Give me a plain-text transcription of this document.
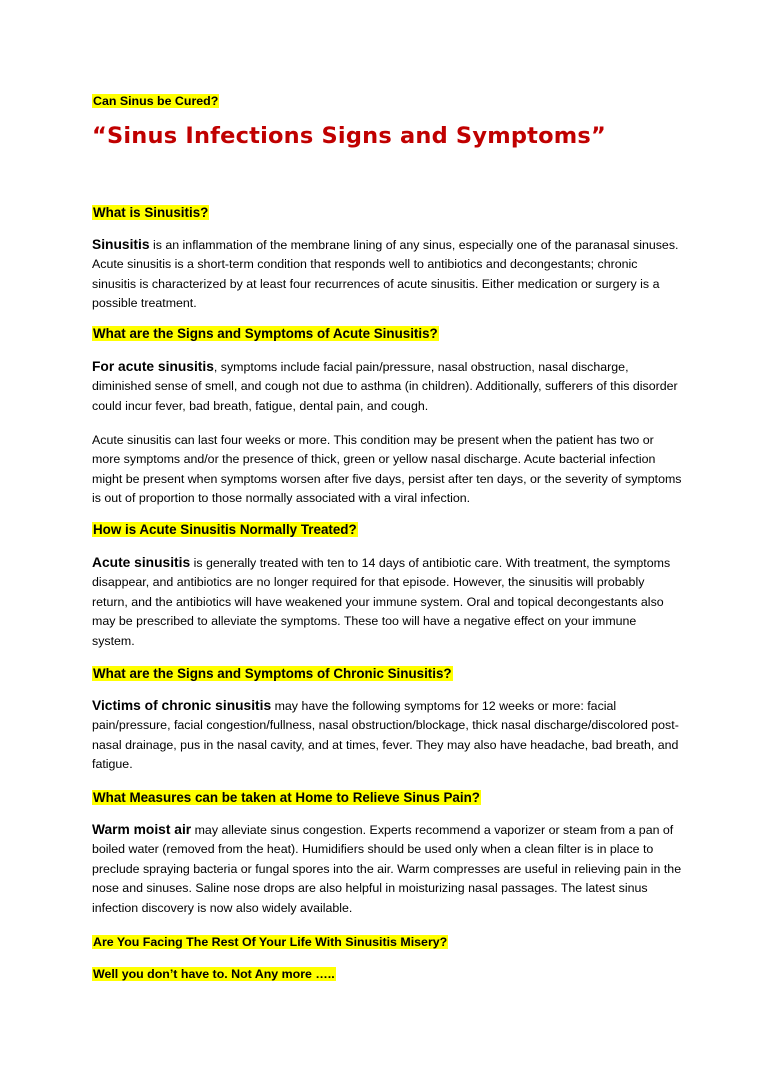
Can Sinus be Cured?
“Sinus Infections Signs and Symptoms”
What is Sinusitis?

Sinusitis is an inflammation of the membrane lining of any sinus, especially one of the paranasal sinuses. Acute sinusitis is a short-term condition that responds well to antibiotics and decongestants; chronic sinusitis is characterized by at least four recurrences of acute sinusitis. Either medication or surgery is a possible treatment.

What are the Signs and Symptoms of Acute Sinusitis?

For acute sinusitis, symptoms include facial pain/pressure, nasal obstruction, nasal discharge, diminished sense of smell, and cough not due to asthma (in children). Additionally, sufferers of this disorder could incur fever, bad breath, fatigue, dental pain, and cough.

Acute sinusitis can last four weeks or more. This condition may be present when the patient has two or more symptoms and/or the presence of thick, green or yellow nasal discharge. Acute bacterial infection might be present when symptoms worsen after five days, persist after ten days, or the severity of symptoms is out of proportion to those normally associated with a viral infection.

How is Acute Sinusitis Normally Treated?

Acute sinusitis is generally treated with ten to 14 days of antibiotic care. With treatment, the symptoms disappear, and antibiotics are no longer required for that episode. However, the sinusitis will probably return, and the antibiotics will have weakened your immune system. Oral and topical decongestants also may be prescribed to alleviate the symptoms. These too will have a negative effect on your immune system.

What are the Signs and Symptoms of Chronic Sinusitis?

Victims of chronic sinusitis may have the following symptoms for 12 weeks or more: facial pain/pressure, facial congestion/fullness, nasal obstruction/blockage, thick nasal discharge/discolored post-nasal drainage, pus in the nasal cavity, and at times, fever. They may also have headache, bad breath, and fatigue.

What Measures can be taken at Home to Relieve Sinus Pain?

Warm moist air may alleviate sinus congestion. Experts recommend a vaporizer or steam from a pan of boiled water (removed from the heat). Humidifiers should be used only when a clean filter is in place to preclude spraying bacteria or fungal spores into the air. Warm compresses are useful in relieving pain in the nose and sinuses. Saline nose drops are also helpful in moisturizing nasal passages. The latest sinus infection discovery is now also widely available.

Are You Facing The Rest Of Your Life With Sinusitis Misery?
Well you don’t have to. Not Any more …..
